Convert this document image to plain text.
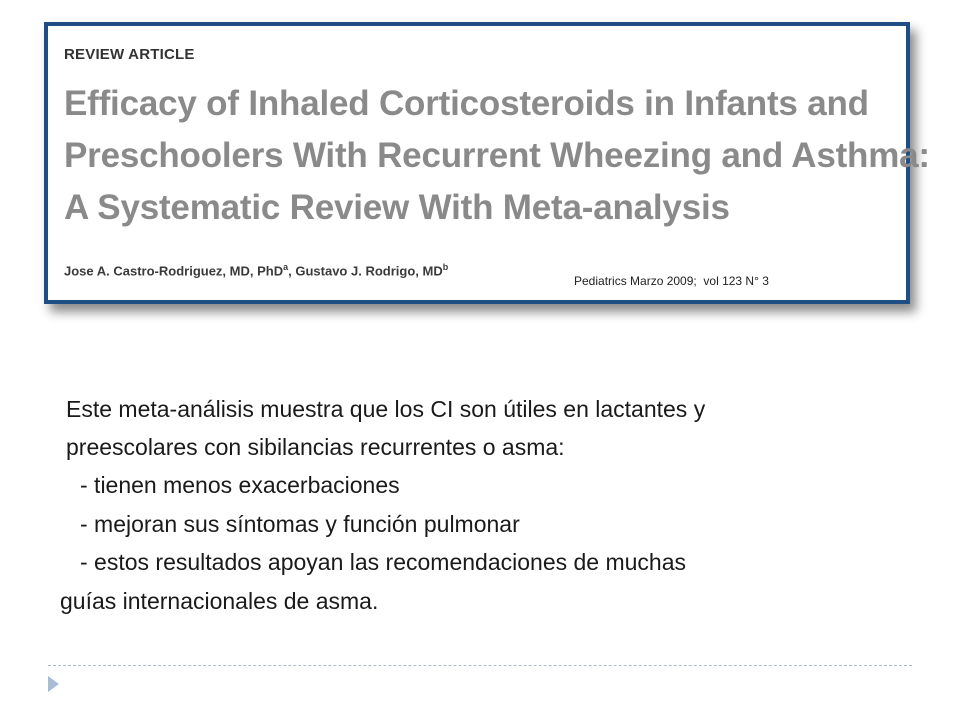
REVIEW ARTICLE
Efficacy of Inhaled Corticosteroids in Infants and
Preschoolers With Recurrent Wheezing and Asthma:
A Systematic Review With Meta-analysis
Jose A. Castro-Rodriguez, MD, PhD$^a$, Gustavo J. Rodrigo, $MD^b$
Pediatrics Marzo 2009;  vol 123 N° 3
Este meta-análisis muestra que los CI son útiles en lactantes y
preescolares con sibilancias recurrentes o asma:
- tienen menos exacerbaciones
- mejoran sus síntomas y función pulmonar
- estos resultados apoyan las recomendaciones de muchas
guías internacionales de asma.
